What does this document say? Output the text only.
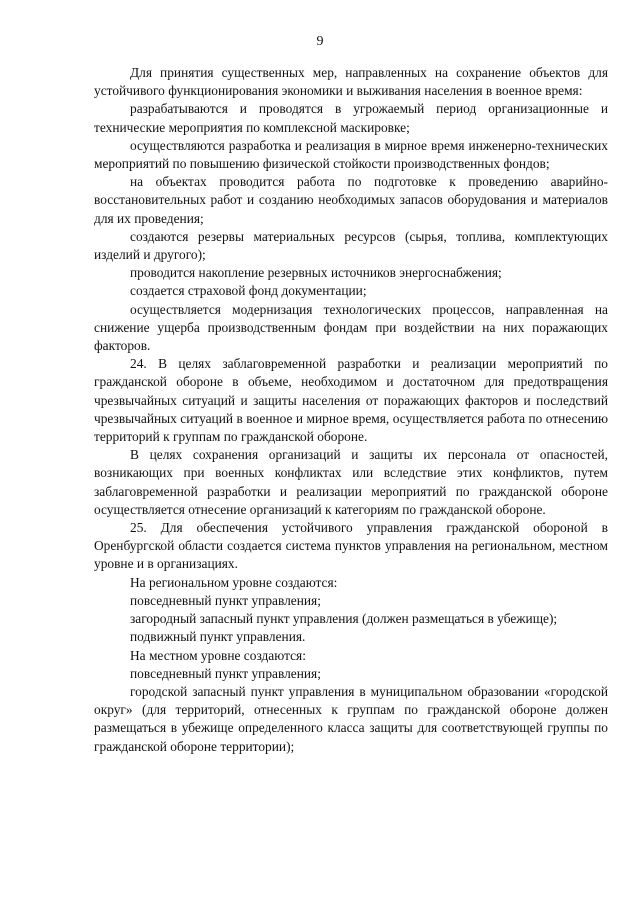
9

Для принятия существенных мер, направленных на сохранение объектов для устойчивого функционирования экономики и выживания населения в военное время:

разрабатываются и проводятся в угрожаемый период организационные и технические мероприятия по комплексной маскировке;

осуществляются разработка и реализация в мирное время инженерно-технических мероприятий по повышению физической стойкости производственных фондов;

на объектах проводится работа по подготовке к проведению аварийно-восстановительных работ и созданию необходимых запасов оборудования и материалов для их проведения;

создаются резервы материальных ресурсов (сырья, топлива, комплектующих изделий и другого);

проводится накопление резервных источников энергоснабжения;

создается страховой фонд документации;

осуществляется модернизация технологических процессов, направленная на снижение ущерба производственным фондам при воздействии на них поражающих факторов.

24. В целях заблаговременной разработки и реализации мероприятий по гражданской обороне в объеме, необходимом и достаточном для предотвращения чрезвычайных ситуаций и защиты населения от поражающих факторов и последствий чрезвычайных ситуаций в военное и мирное время, осуществляется работа по отнесению территорий к группам по гражданской обороне.

В целях сохранения организаций и защиты их персонала от опасностей, возникающих при военных конфликтах или вследствие этих конфликтов, путем заблаговременной разработки и реализации мероприятий по гражданской обороне осуществляется отнесение организаций к категориям по гражданской обороне.

25. Для обеспечения устойчивого управления гражданской обороной в Оренбургской области создается система пунктов управления на региональном, местном уровне и в организациях.

На региональном уровне создаются:

повседневный пункт управления;

загородный запасный пункт управления (должен размещаться в убежище);

подвижный пункт управления.

На местном уровне создаются:

повседневный пункт управления;

городской запасный пункт управления в муниципальном образовании «городской округ» (для территорий, отнесенных к группам по гражданской обороне должен размещаться в убежище определенного класса защиты для соответствующей группы по гражданской обороне территории);
